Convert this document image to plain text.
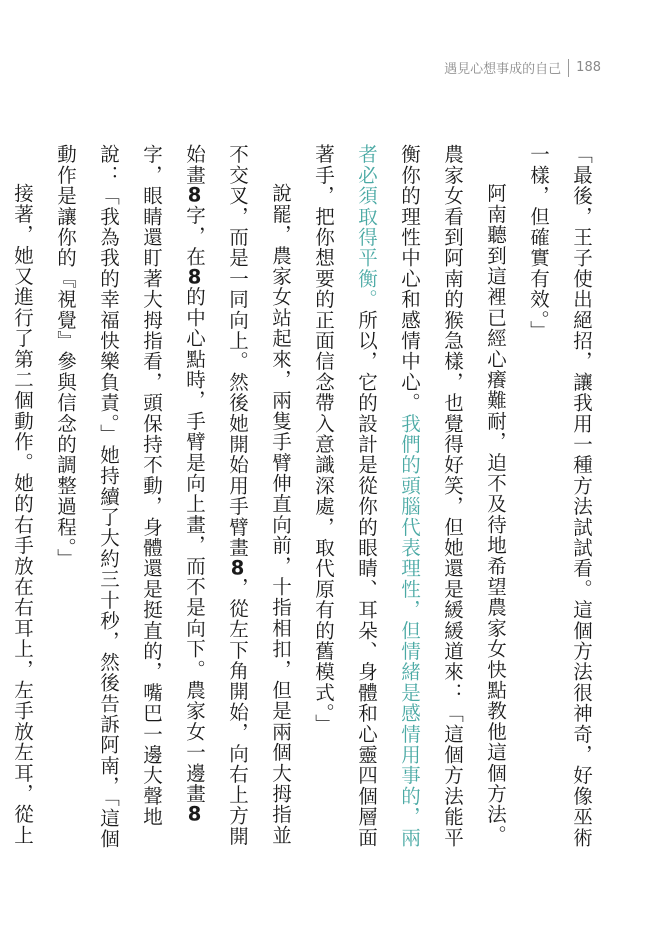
遇見心想事成的自己 188

「最後，王子使出絕招，讓我用一種方法試試看。這個方法很神奇，好像巫術一樣，但確實有效。」

阿南聽到這裡已經心癢難耐，迫不及待地希望農家女快點教他這個方法。農家女看到阿南的猴急樣，也覺得好笑，但她還是緩緩道來：「這個方法能平衡你的理性中心和感情中心。我們的頭腦代表理性，但情緒是感情用事的，兩者必須取得平衡。所以，它的設計是從你的眼睛、耳朵、身體和心靈四個層面著手，把你想要的正面信念帶入意識深處，取代原有的舊模式。」

說罷，農家女站起來，兩隻手臂伸直向前，十指相扣，但是兩個大拇指並不交叉，而是一同向上。然後她開始用手臂畫8，從左下角開始，向右上方開始畫8字，在8的中心點時，手臂是向上畫，而不是向下。農家女一邊畫8字，眼睛還盯著大拇指看，頭保持不動，身體還是挺直的，嘴巴一邊大聲地說：「我為我的幸福快樂負責。」她持續了大約三十秒，然後告訴阿南，「這個動作是讓你的『視覺』參與信念的調整過程。」

接著，她又進行了第二個動作。她的右手放在右耳上，左手放左耳，從上
